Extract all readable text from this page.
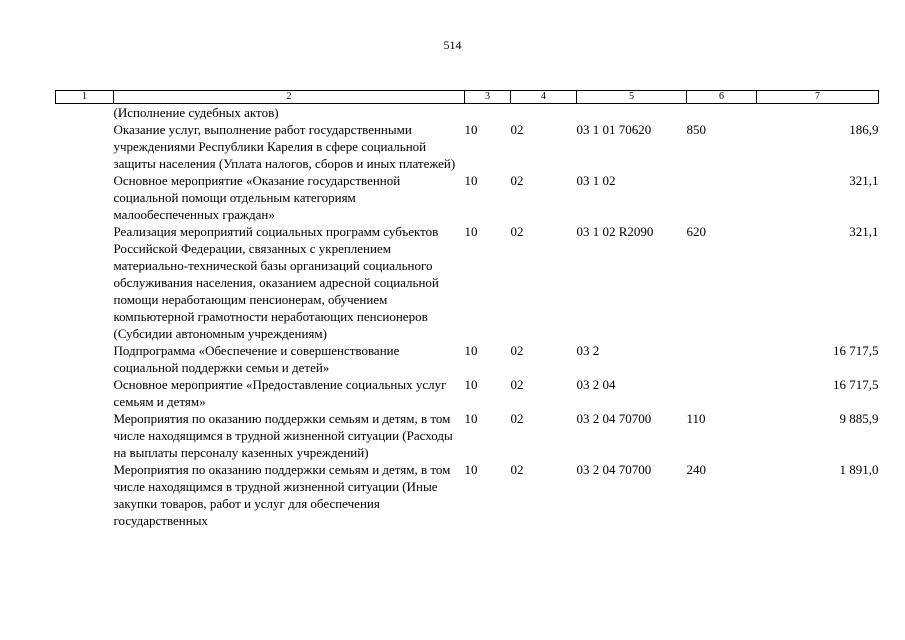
514
1	2	3	4	5	6	7
	(Исполнение судебных актов)					
	Оказание услуг, выполнение работ государственными учреждениями Республики Карелия в сфере социальной защиты населения (Уплата налогов, сборов и иных платежей)	10	02	03 1 01 70620	850	186,9
	Основное мероприятие «Оказание государственной социальной помощи отдельным категориям малообеспеченных граждан»	10	02	03 1 02		321,1
	Реализация мероприятий социальных программ субъектов Российской Федерации, связанных с укреплением материально-технической базы организаций социального обслуживания населения, оказанием адресной социальной помощи неработающим пенсионерам, обучением компьютерной грамотности неработающих пенсионеров (Субсидии автономным учреждениям)	10	02	03 1 02 R2090	620	321,1
	Подпрограмма «Обеспечение и совершенствование социальной поддержки семьи и детей»	10	02	03 2		16 717,5
	Основное мероприятие «Предоставление социальных услуг семьям и детям»	10	02	03 2 04		16 717,5
	Мероприятия по оказанию поддержки семьям и детям, в том числе находящимся в трудной жизненной ситуации (Расходы на выплаты персоналу казенных учреждений)	10	02	03 2 04 70700	110	9 885,9
	Мероприятия по оказанию поддержки семьям и детям, в том числе находящимся в трудной жизненной ситуации (Иные закупки товаров, работ и услуг для обеспечения государственных	10	02	03 2 04 70700	240	1 891,0
